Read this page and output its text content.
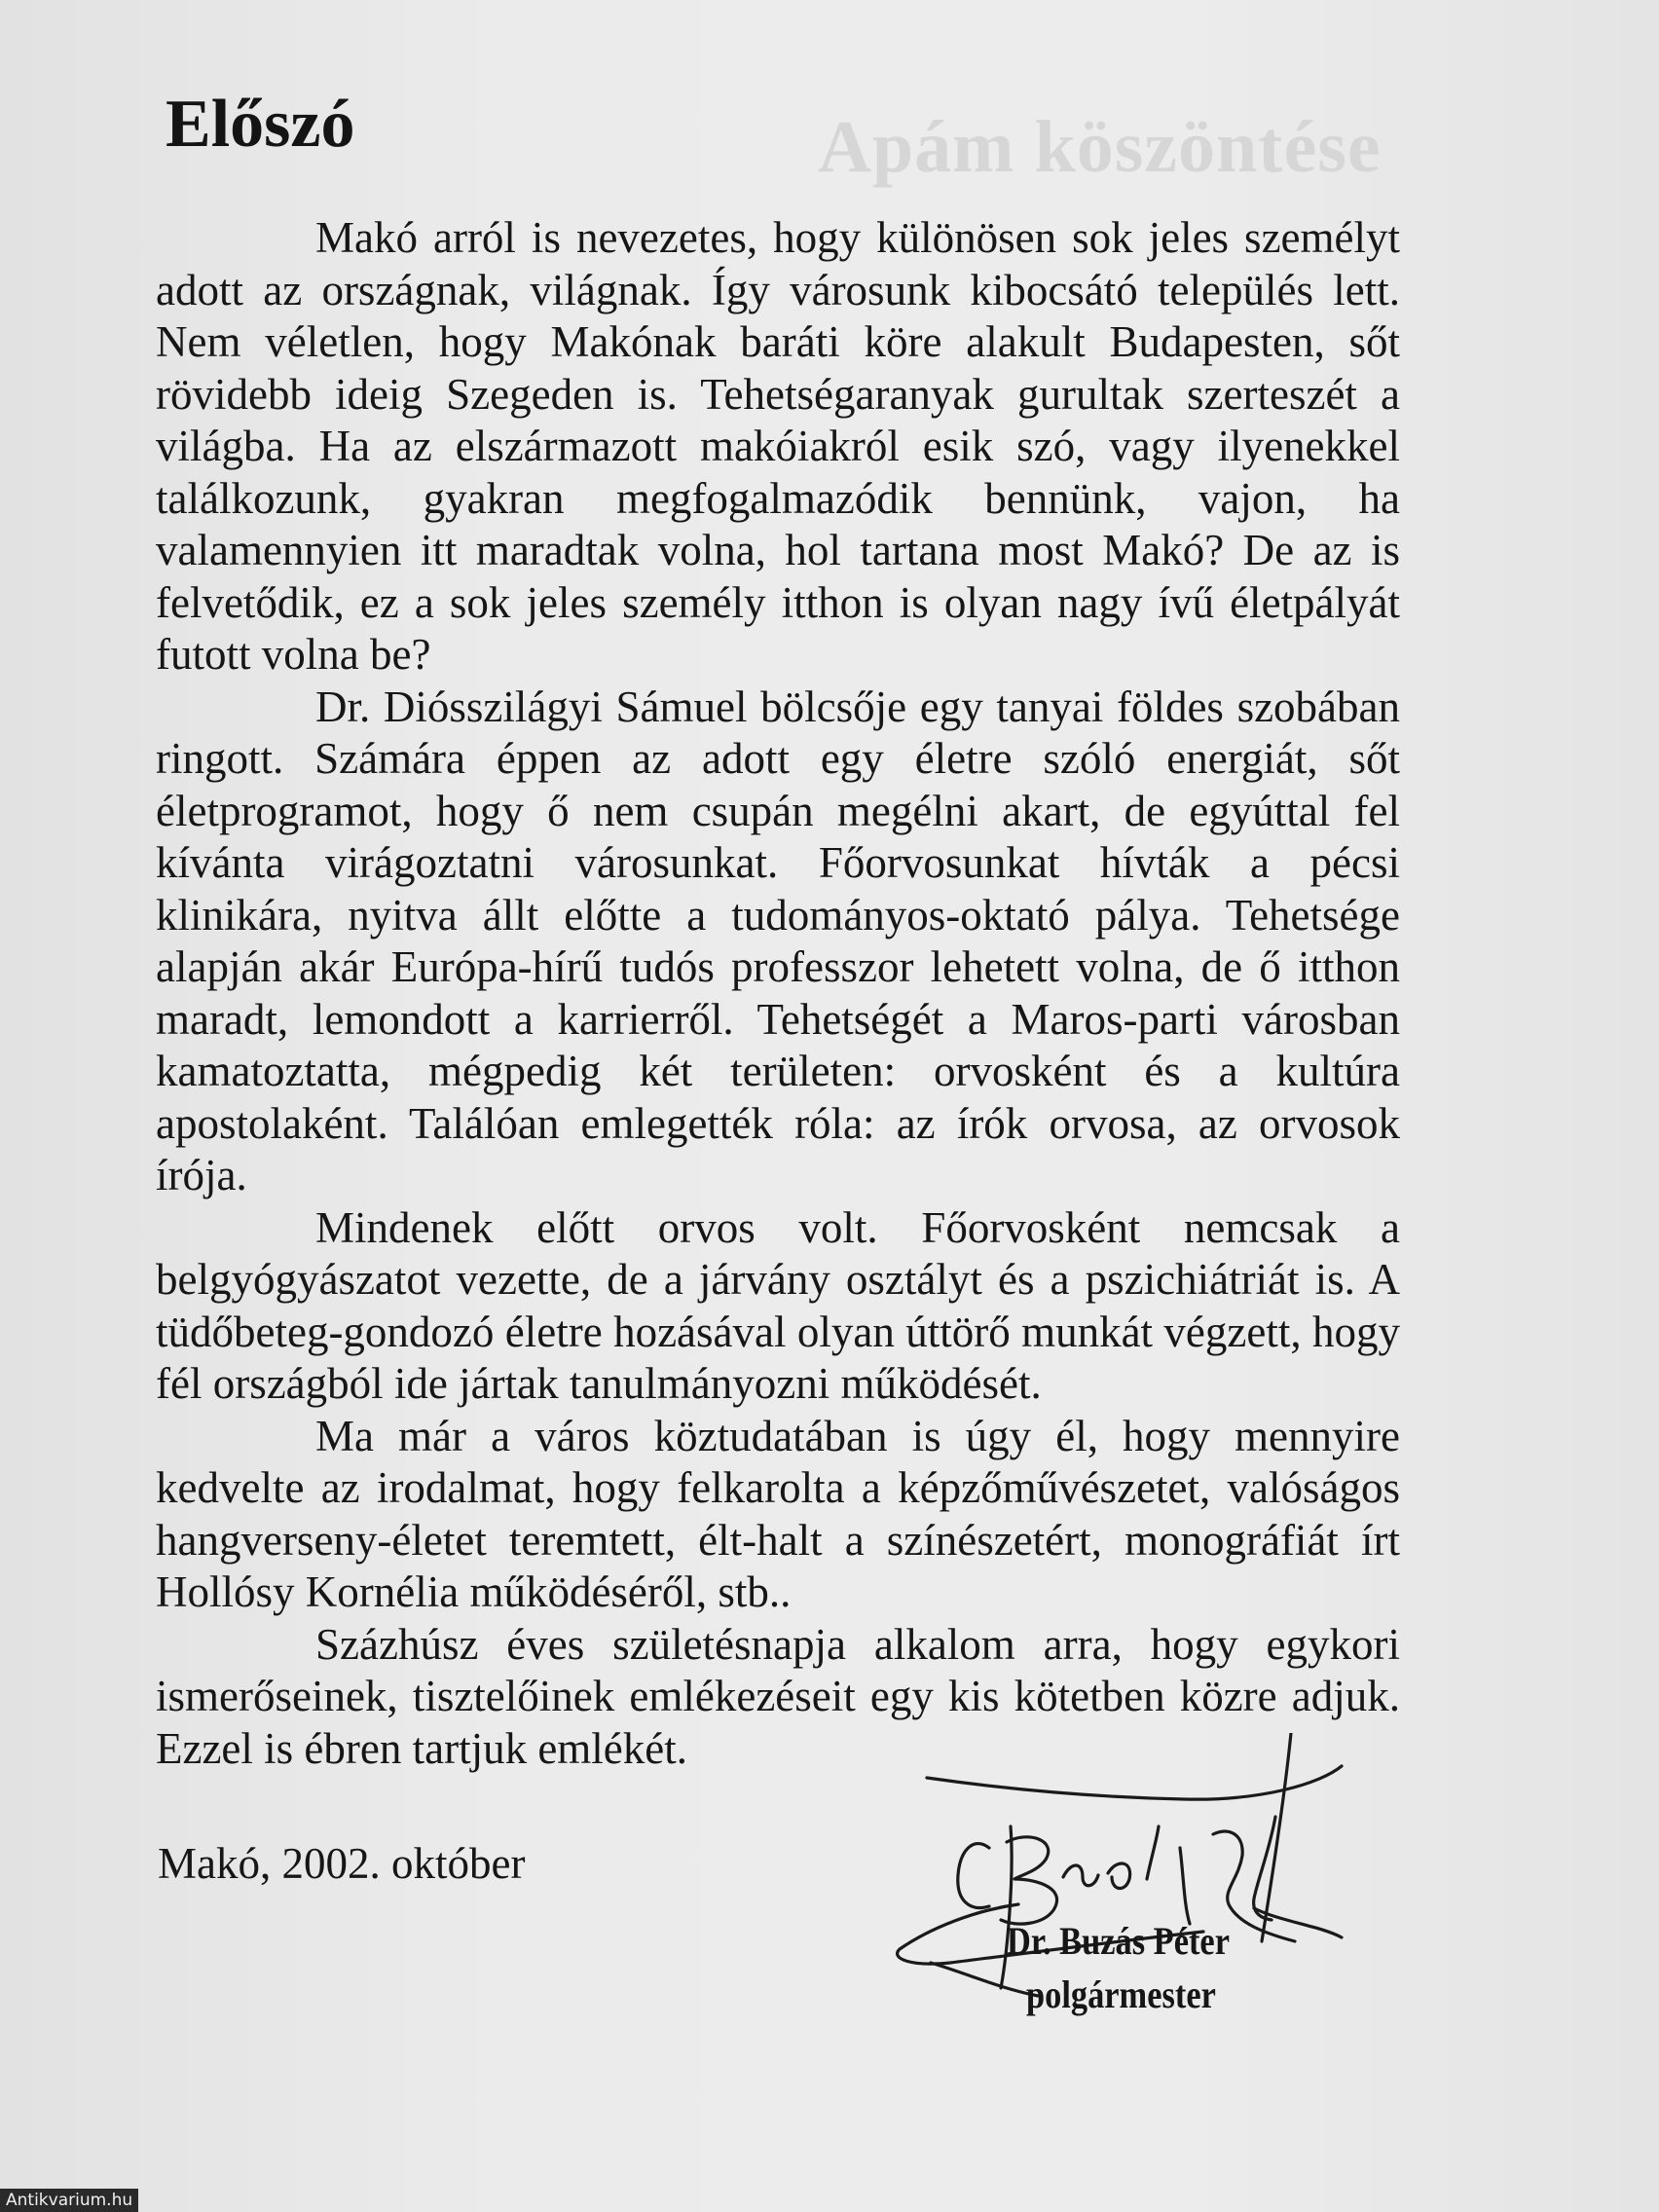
Apám köszöntése
Előszó

Makó arról is nevezetes, hogy különösen sok jeles személyt adott az országnak, világnak. Így városunk kibocsátó település lett. Nem véletlen, hogy Makónak baráti köre alakult Budapesten, sőt rövidebb ideig Szegeden is. Tehetségaranyak gurultak szerteszét a világba. Ha az elszármazott makóiakról esik szó, vagy ilyenekkel találkozunk, gyakran megfogalmazódik bennünk, vajon, ha valamennyien itt maradtak volna, hol tartana most Makó? De az is felvetődik, ez a sok jeles személy itthon is olyan nagy ívű életpályát futott volna be?

Dr. Diósszilágyi Sámuel bölcsője egy tanyai földes szobában ringott. Számára éppen az adott egy életre szóló energiát, sőt életprogramot, hogy ő nem csupán megélni akart, de egyúttal fel kívánta virágoztatni városunkat. Főorvosunkat hívták a pécsi klinikára, nyitva állt előtte a tudományos-oktató pálya. Tehetsége alapján akár Európa-hírű tudós professzor lehetett volna, de ő itthon maradt, lemondott a karrierről. Tehetségét a Maros-parti városban kamatoztatta, mégpedig két területen: orvosként és a kultúra apostolaként. Találóan emlegették róla: az írók orvosa, az orvosok írója.

Mindenek előtt orvos volt. Főorvosként nemcsak a belgyógyászatot vezette, de a járvány osztályt és a pszichiátriát is. A tüdőbeteg-gondozó életre hozásával olyan úttörő munkát végzett, hogy fél országból ide jártak tanulmányozni működését.

Ma már a város köztudatában is úgy él, hogy mennyire kedvelte az irodalmat, hogy felkarolta a képzőművészetet, valóságos hangverseny-életet teremtett, élt-halt a színészetért, monográfiát írt Hollósy Kornélia működéséről, stb..

Százhúsz éves születésnapja alkalom arra, hogy egykori ismerőseinek, tisztelőinek emlékezéseit egy kis kötetben közre adjuk. Ezzel is ébren tartjuk emlékét.

Makó, 2002. október
Dr. Buzás Péter
polgármester
Antikvarium.hu
